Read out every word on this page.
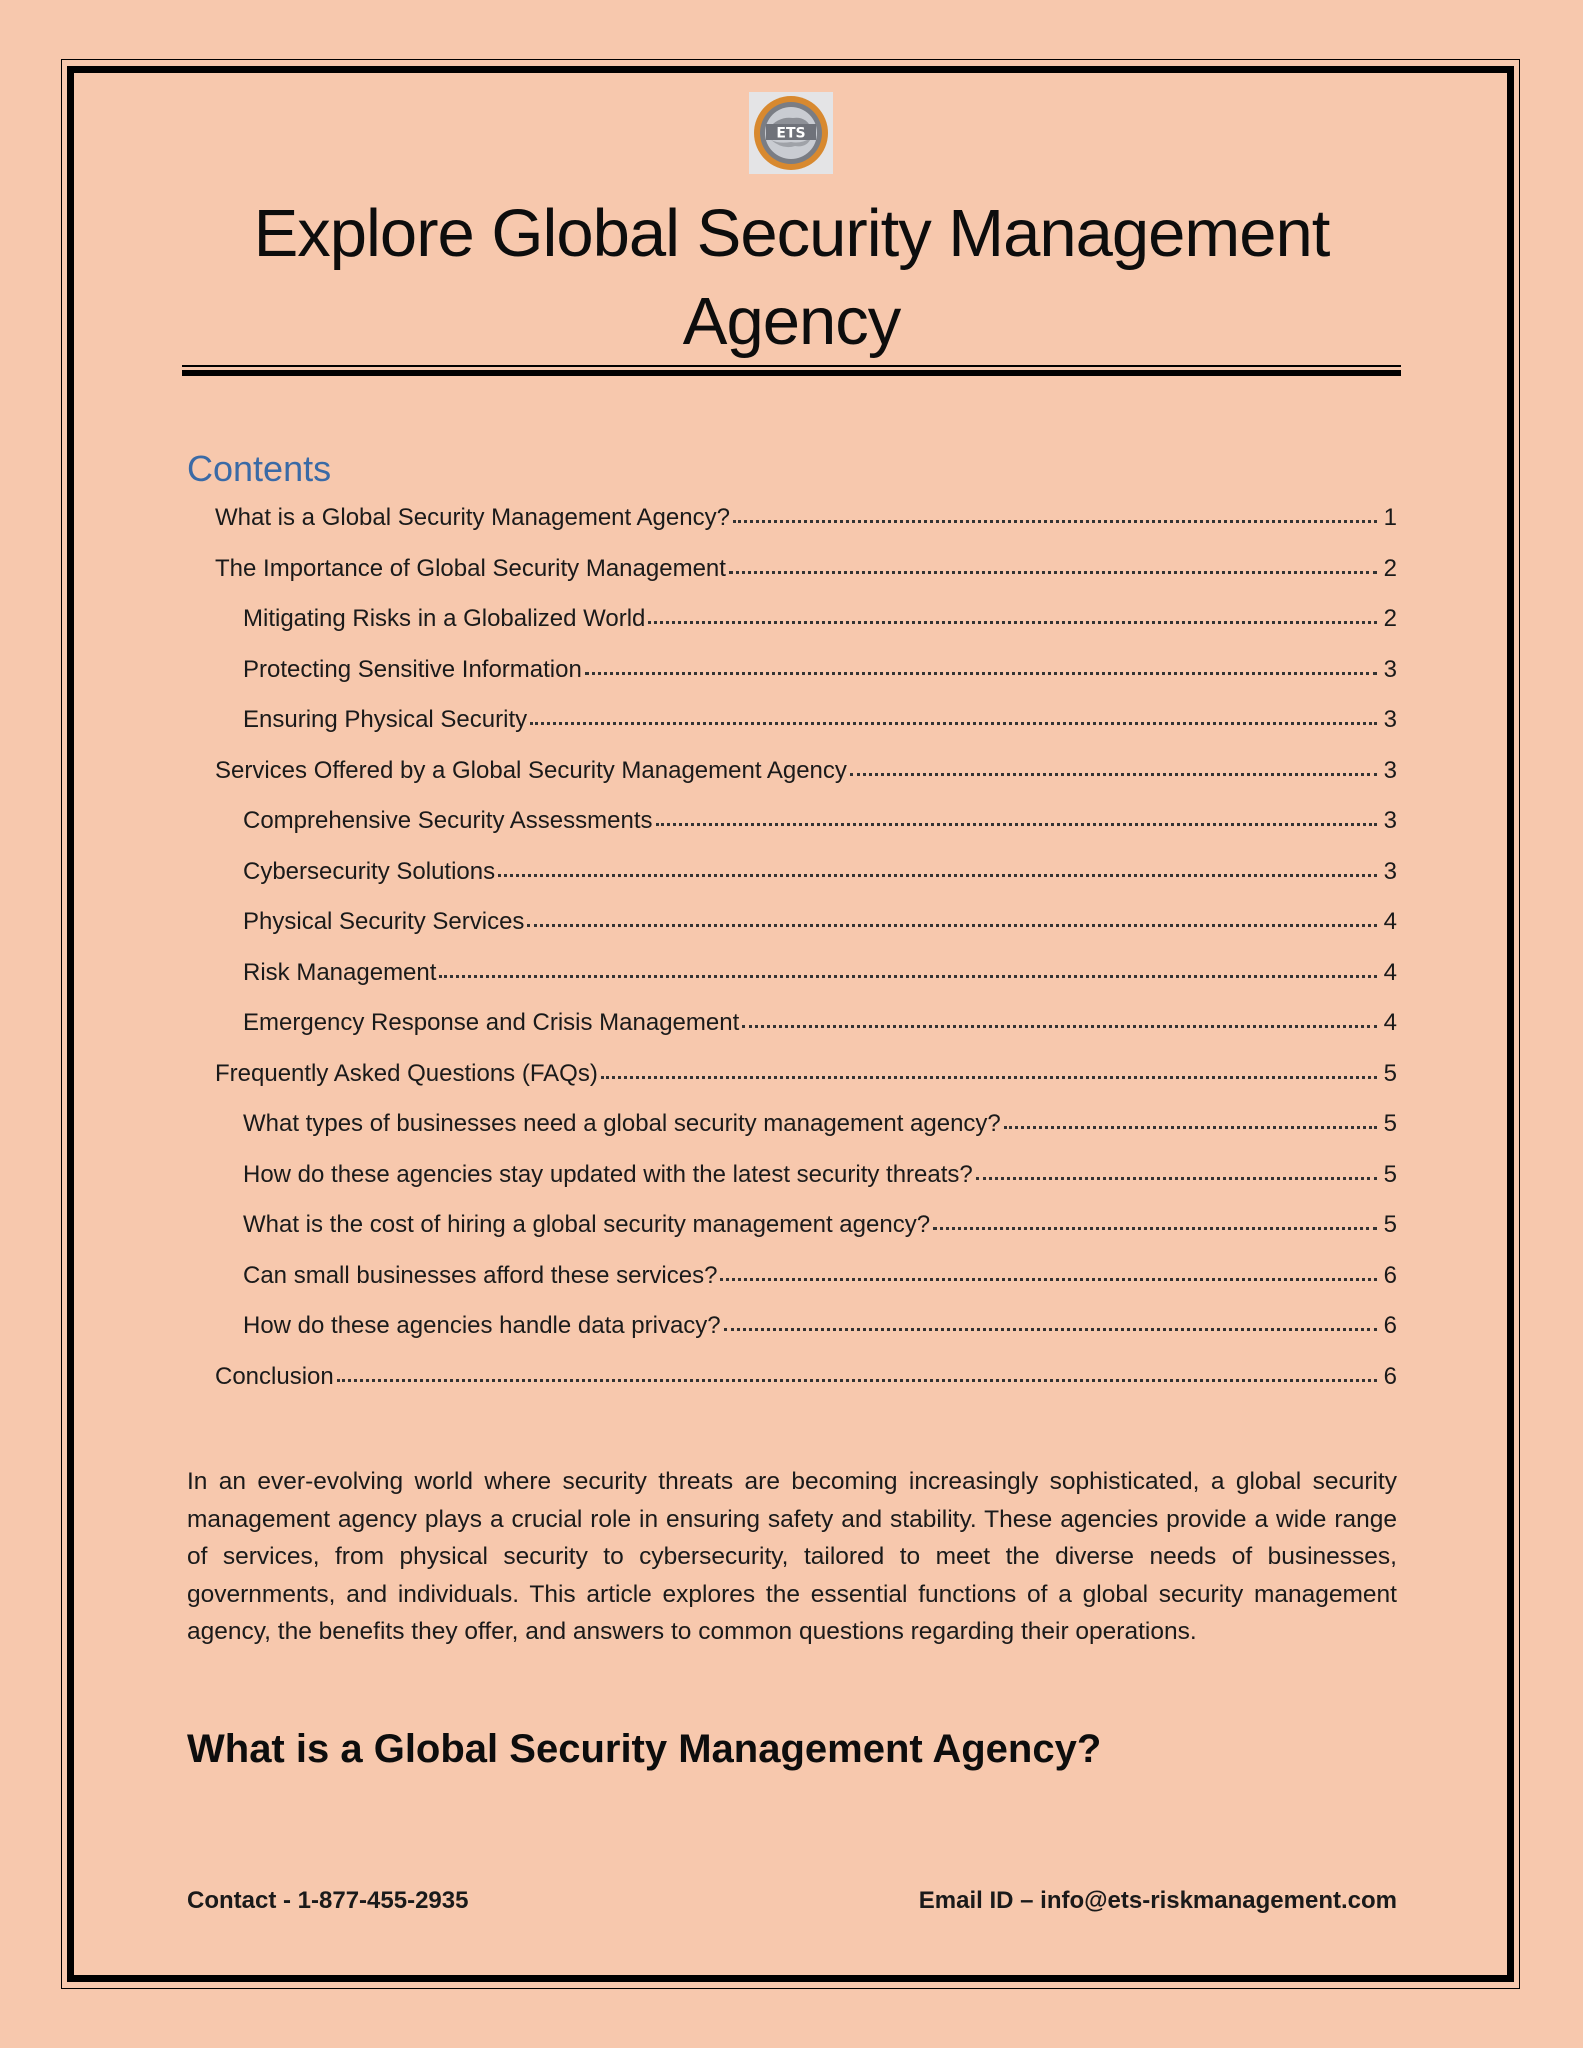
ETS
Explore Global Security Management
Agency
Contents
What is a Global Security Management Agency?	1
The Importance of Global Security Management	2
Mitigating Risks in a Globalized World	2
Protecting Sensitive Information	3
Ensuring Physical Security	3
Services Offered by a Global Security Management Agency	3
Comprehensive Security Assessments	3
Cybersecurity Solutions	3
Physical Security Services	4
Risk Management	4
Emergency Response and Crisis Management	4
Frequently Asked Questions (FAQs)	5
What types of businesses need a global security management agency?	5
How do these agencies stay updated with the latest security threats?	5
What is the cost of hiring a global security management agency?	5
Can small businesses afford these services?	6
How do these agencies handle data privacy?	6
Conclusion	6
In an ever-evolving world where security threats are becoming increasingly sophisticated, a global security management agency plays a crucial role in ensuring safety and stability. These agencies provide a wide range of services, from physical security to cybersecurity, tailored to meet the diverse needs of businesses, governments, and individuals. This article explores the essential functions of a global security management agency, the benefits they offer, and answers to common questions regarding their operations.
What is a Global Security Management Agency?
Contact - 1-877-455-2935	Email ID – info@ets-riskmanagement.com
